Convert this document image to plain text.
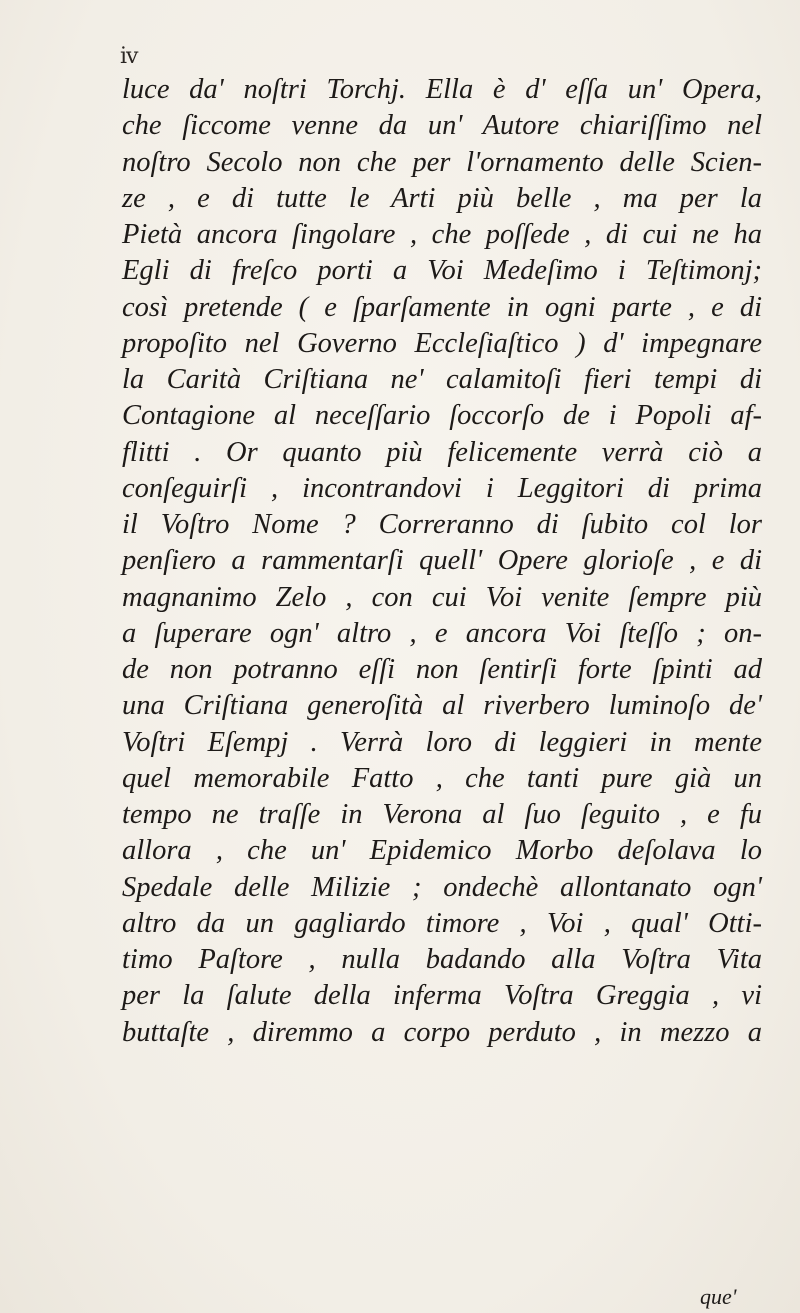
iv
luce da' noſtri Torchj. Ella è d' eſſa un' Opera,
che ſiccome venne da un' Autore chiariſſimo nel
noſtro Secolo non che per l'ornamento delle Scien-
ze , e di tutte le Arti più belle , ma per la
Pietà ancora ſingolare , che poſſede , di cui ne ha
Egli di freſco porti a Voi Medeſimo i Teſtimonj;
così pretende ( e ſparſamente in ogni parte , e di
propoſito nel Governo Eccleſiaſtico ) d' impegnare
la Carità Criſtiana ne' calamitoſi fieri tempi di
Contagione al neceſſario ſoccorſo de i Popoli af-
flitti . Or quanto più felicemente verrà ciò a
conſeguirſi , incontrandovi i Leggitori di prima
il Voſtro Nome ? Correranno di ſubito col lor
penſiero a rammentarſi quell' Opere glorioſe , e di
magnanimo Zelo , con cui Voi venite ſempre più
a ſuperare ogn' altro , e ancora Voi ſteſſo ; on-
de non potranno eſſi non ſentirſi forte ſpinti ad
una Criſtiana generoſità al riverbero luminoſo de'
Voſtri Eſempj . Verrà loro di leggieri in mente
quel memorabile Fatto , che tanti pure già un
tempo ne traſſe in Verona al ſuo ſeguito , e fu
allora , che un' Epidemico Morbo deſolava lo
Spedale delle Milizie ; ondechè allontanato ogn'
altro da un gagliardo timore , Voi , qual' Otti-
timo Paſtore , nulla badando alla Voſtra Vita
per la ſalute della inferma Voſtra Greggia , vi
buttaſte , diremmo a corpo perduto , in mezzo a
que'
